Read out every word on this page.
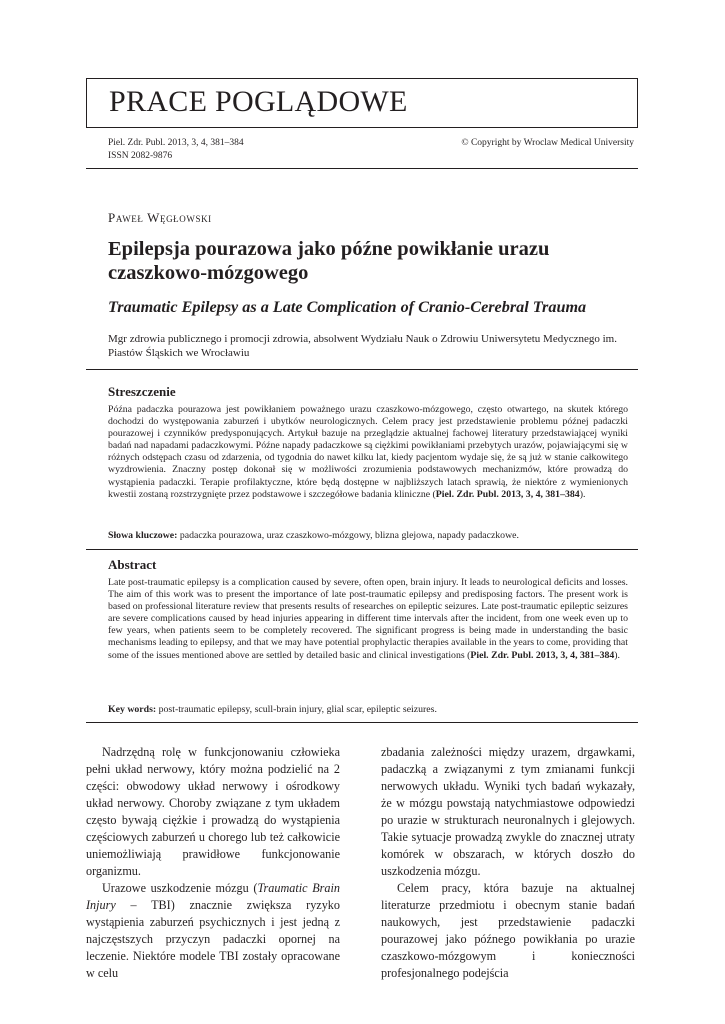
PRACE POGLĄDOWE
Piel. Zdr. Publ. 2013, 3, 4, 381–384
ISSN 2082-9876
© Copyright by Wroclaw Medical University
Paweł Węgłowski
Epilepsja pourazowa jako późne powikłanie urazu czaszkowo-mózgowego
Traumatic Epilepsy as a Late Complication of Cranio-Cerebral Trauma
Mgr zdrowia publicznego i promocji zdrowia, absolwent Wydziału Nauk o Zdrowiu Uniwersytetu Medycznego im. Piastów Śląskich we Wrocławiu
Streszczenie
Późna padaczka pourazowa jest powikłaniem poważnego urazu czaszkowo-mózgowego, często otwartego, na skutek którego dochodzi do występowania zaburzeń i ubytków neurologicznych. Celem pracy jest przedstawienie problemu późnej padaczki pourazowej i czynników predysponujących. Artykuł bazuje na przeglądzie aktualnej fachowej literatury przedstawiającej wyniki badań nad napadami padaczkowymi. Późne napady padaczkowe są ciężkimi powikłaniami przebytych urazów, pojawiającymi się w różnych odstępach czasu od zdarzenia, od tygodnia do nawet kilku lat, kiedy pacjentom wydaje się, że są już w stanie całkowitego wyzdrowienia. Znaczny postęp dokonał się w możliwości zrozumienia podstawowych mechanizmów, które prowadzą do wystąpienia padaczki. Terapie profilaktyczne, które będą dostępne w najbliższych latach sprawią, że niektóre z wymienionych kwestii zostaną rozstrzygnięte przez podstawowe i szczegółowe badania kliniczne (Piel. Zdr. Publ. 2013, 3, 4, 381–384).
Słowa kluczowe: padaczka pourazowa, uraz czaszkowo-mózgowy, blizna glejowa, napady padaczkowe.
Abstract
Late post-traumatic epilepsy is a complication caused by severe, often open, brain injury. It leads to neurological deficits and losses. The aim of this work was to present the importance of late post-traumatic epilepsy and predisposing factors. The present work is based on professional literature review that presents results of researches on epileptic seizures. Late post-traumatic epileptic seizures are severe complications caused by head injuries appearing in different time intervals after the incident, from one week even up to few years, when patients seem to be completely recovered. The significant progress is being made in understanding the basic mechanisms leading to epilepsy, and that we may have potential prophylactic therapies available in the years to come, providing that some of the issues mentioned above are settled by detailed basic and clinical investigations (Piel. Zdr. Publ. 2013, 3, 4, 381–384).
Key words: post-traumatic epilepsy, scull-brain injury, glial scar, epileptic seizures.

Nadrzędną rolę w funkcjonowaniu człowieka pełni układ nerwowy, który można podzielić na 2 części: obwodowy układ nerwowy i ośrodkowy układ nerwowy. Choroby związane z tym układem często bywają ciężkie i prowadzą do wystąpienia częściowych zaburzeń u chorego lub też całkowicie uniemożliwiają prawidłowe funkcjonowanie organizmu.

Urazowe uszkodzenie mózgu (Traumatic Brain Injury – TBI) znacznie zwiększa ryzyko wystąpienia zaburzeń psychicznych i jest jedną z najczęstszych przyczyn padaczki opornej na leczenie. Niektóre modele TBI zostały opracowane w celu

zbadania zależności między urazem, drgawkami, padaczką a związanymi z tym zmianami funkcji nerwowych układu. Wyniki tych badań wykazały, że w mózgu powstają natychmiastowe odpowiedzi po urazie w strukturach neuronalnych i glejowych. Takie sytuacje prowadzą zwykle do znacznej utraty komórek w obszarach, w których doszło do uszkodzenia mózgu.

Celem pracy, która bazuje na aktualnej literaturze przedmiotu i obecnym stanie badań naukowych, jest przedstawienie padaczki pourazowej jako późnego powikłania po urazie czaszkowo-mózgowym i konieczności profesjonalnego podejścia
